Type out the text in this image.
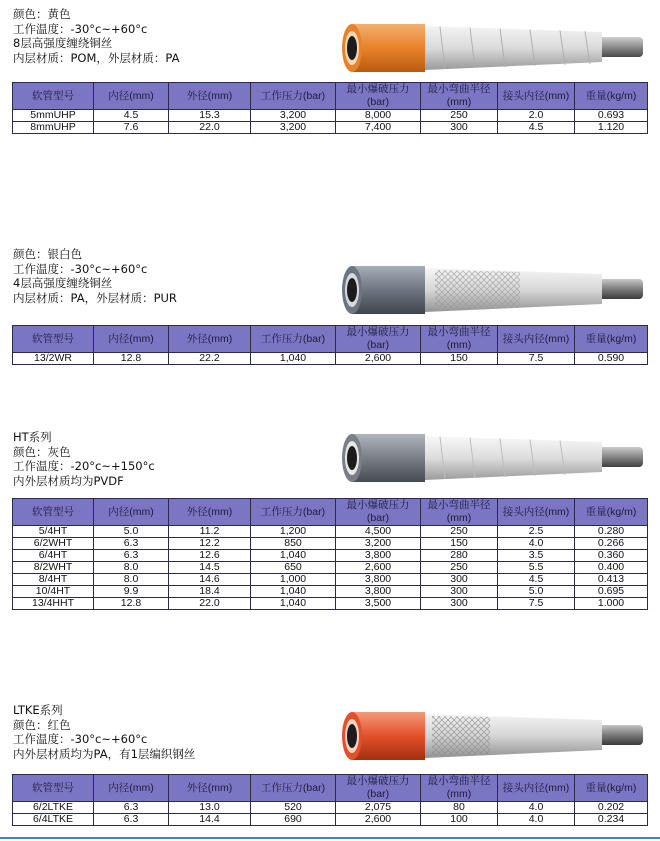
颜色：黄色
工作温度：-30°c~+60°c
8层高强度缠绕铜丝
内层材质：POM，外层材质：PA
软管型号	内径(mm)	外径(mm)	工作压力(bar)	最小爆破压力(bar)	最小弯曲半径(mm)	接头内径(mm)	重量(kg/m)
5mmUHP	4.5	15.3	3,200	8,000	250	2.0	0.693
8mmUHP	7.6	22.0	3,200	7,400	300	4.5	1.120
颜色：银白色
工作温度：-30°c~+60°c
4层高强度缠绕铜丝
内层材质：PA，外层材质：PUR
软管型号	内径(mm)	外径(mm)	工作压力(bar)	最小爆破压力(bar)	最小弯曲半径(mm)	接头内径(mm)	重量(kg/m)
13/2WR	12.8	22.2	1,040	2,600	150	7.5	0.590
HT系列
颜色：灰色
工作温度：-20°c~+150°c
内外层材质均为PVDF
软管型号	内径(mm)	外径(mm)	工作压力(bar)	最小爆破压力(bar)	最小弯曲半径(mm)	接头内径(mm)	重量(kg/m)
5/4HT	5.0	11.2	1,200	4,500	250	2.5	0.280
6/2WHT	6.3	12.2	850	3,200	150	4.0	0.266
6/4HT	6.3	12.6	1,040	3,800	280	3.5	0.360
8/2WHT	8.0	14.5	650	2,600	250	5.5	0.400
8/4HT	8.0	14.6	1,000	3,800	300	4.5	0.413
10/4HT	9.9	18.4	1,040	3,800	300	5.0	0.695
13/4HHT	12.8	22.0	1,040	3,500	300	7.5	1.000
LTKE系列
颜色：红色
工作温度：-30°c~+60°c
内外层材质均为PA，有1层编织钢丝
软管型号	内径(mm)	外径(mm)	工作压力(bar)	最小爆破压力(bar)	最小弯曲半径(mm)	接头内径(mm)	重量(kg/m)
6/2LTKE	6.3	13.0	520	2,075	80	4.0	0.202
6/4LTKE	6.3	14.4	690	2,600	100	4.0	0.234
